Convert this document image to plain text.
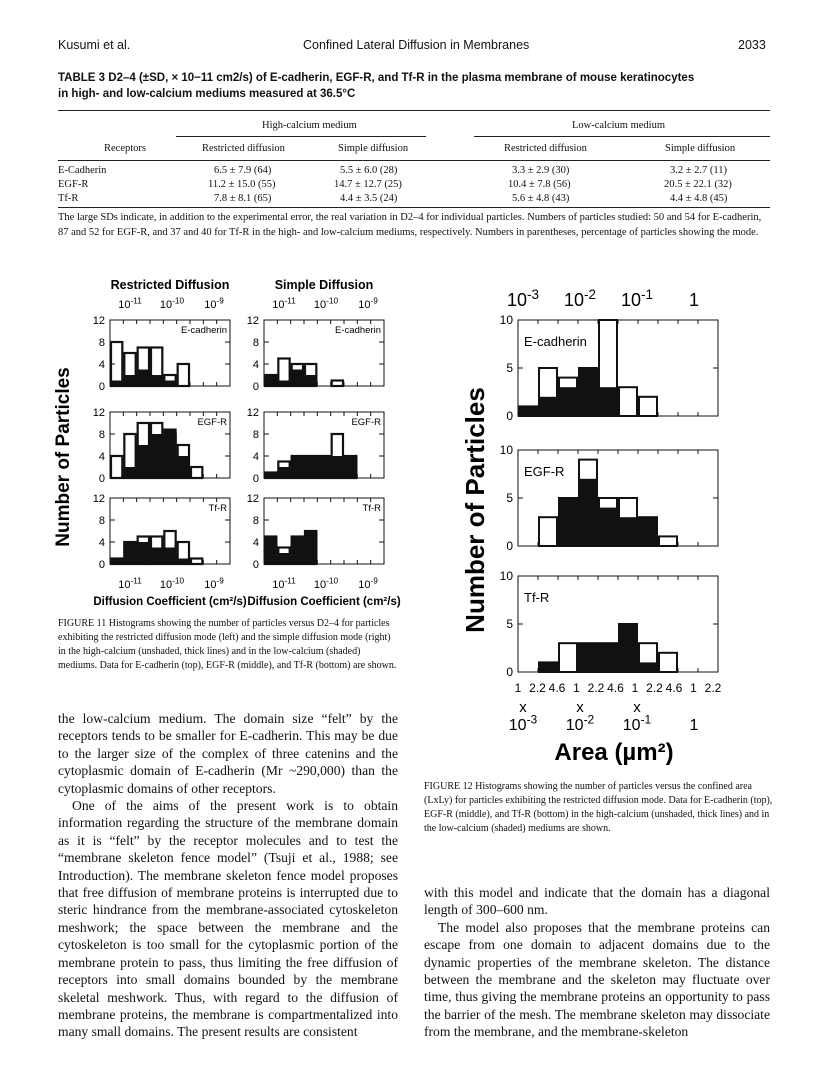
Kusumi et al.	Confined Lateral Diffusion in Membranes	2033
TABLE 3 D2–4 (±SD, × 10−11 cm2/s) of E-cadherin, EGF-R, and Tf-R in the plasma membrane of mouse keratinocytes
in high- and low-calcium mediums measured at 36.5°C
High-calcium medium	Low-calcium medium
Receptors	Restricted diffusion	Simple diffusion	Restricted diffusion	Simple diffusion
E-Cadherin	6.5 ± 7.9 (64)	5.5 ± 6.0 (28)	3.3 ± 2.9 (30)	3.2 ± 2.7 (11)
EGF-R	11.2 ± 15.0 (55)	14.7 ± 12.7 (25)	10.4 ± 7.8 (56)	20.5 ± 22.1 (32)
Tf-R	7.8 ± 8.1 (65)	4.4 ± 3.5 (24)	5.6 ± 4.8 (43)	4.4 ± 4.8 (45)
The large SDs indicate, in addition to the experimental error, the real variation in D2–4 for individual particles. Numbers of particles studied: 50 and 54 for E-cadherin, 87 and 52 for EGF-R, and 37 and 40 for Tf-R in the high- and low-calcium mediums, respectively. Numbers in parentheses, percentage of particles showing the mode.
Restricted Diffusion
$10^{-11}$
$10^{-11}$
$10^{-10}$
$10^{-10}$
$10^{-9}$
$10^{-9}$
0
4
8
12
E-cadherin
0
4
8
12
EGF-R
0
4
8
12
Tf-R
Diffusion Coefficient (cm²/s)
Simple Diffusion
$10^{-11}$
$10^{-11}$
$10^{-10}$
$10^{-10}$
$10^{-9}$
$10^{-9}$
0
4
8
12
E-cadherin
0
4
8
12
EGF-R
0
4
8
12
Tf-R
Diffusion Coefficient (cm²/s)
Number of Particles
FIGURE 11 Histograms showing the number of particles versus D2–4 for particles exhibiting the restricted diffusion mode (left) and the simple diffusion mode (right) in the high-calcium (unshaded, thick lines) and in the low-calcium (shaded) mediums. Data for E-cadherin (top), EGF-R (middle), and Tf-R (bottom) are shown.
$10^{-3}$ $10^{-2}$ $10^{-1}$ 1
0
5
10
E-cadherin
0
5
10
EGF-R
0
5
10
Tf-R
1 2.2 4.6 1 2.2 4.6 1 2.2 4.6 1 2.2
x
$10^{-3}$
x
$10^{-2}$
x
$10^{-1}$ 1
Number of Particles
Area (µm²)
FIGURE 12 Histograms showing the number of particles versus the confined area (LxLy) for particles exhibiting the restricted diffusion mode. Data for E-cadherin (top), EGF-R (middle), and Tf-R (bottom) in the high-calcium (unshaded, thick lines) and in the low-calcium (shaded) mediums are shown.

the low-calcium medium. The domain size “felt” by the receptors tends to be smaller for E-cadherin. This may be due to the larger size of the complex of three catenins and the cytoplasmic domain of E-cadherin (Mr ~290,000) than the cytoplasmic domains of other receptors.

One of the aims of the present work is to obtain information regarding the structure of the membrane domain as it is “felt” by the receptor molecules and to test the “membrane skeleton fence model” (Tsuji et al., 1988; see Introduction). The membrane skeleton fence model proposes that free diffusion of membrane proteins is interrupted due to steric hindrance from the membrane-associated cytoskeleton meshwork; the space between the membrane and the cytoskeleton is too small for the cytoplasmic portion of the membrane protein to pass, thus limiting the free diffusion of receptors into small domains bounded by the membrane skeletal meshwork. Thus, with regard to the diffusion of membrane proteins, the membrane is compartmentalized into many small domains. The present results are consistent

with this model and indicate that the domain has a diagonal length of 300–600 nm.

The model also proposes that the membrane proteins can escape from one domain to adjacent domains due to the dynamic properties of the membrane skeleton. The distance between the membrane and the skeleton may fluctuate over time, thus giving the membrane proteins an opportunity to pass the barrier of the mesh. The membrane skeleton may dissociate from the membrane, and the membrane-skeleton
